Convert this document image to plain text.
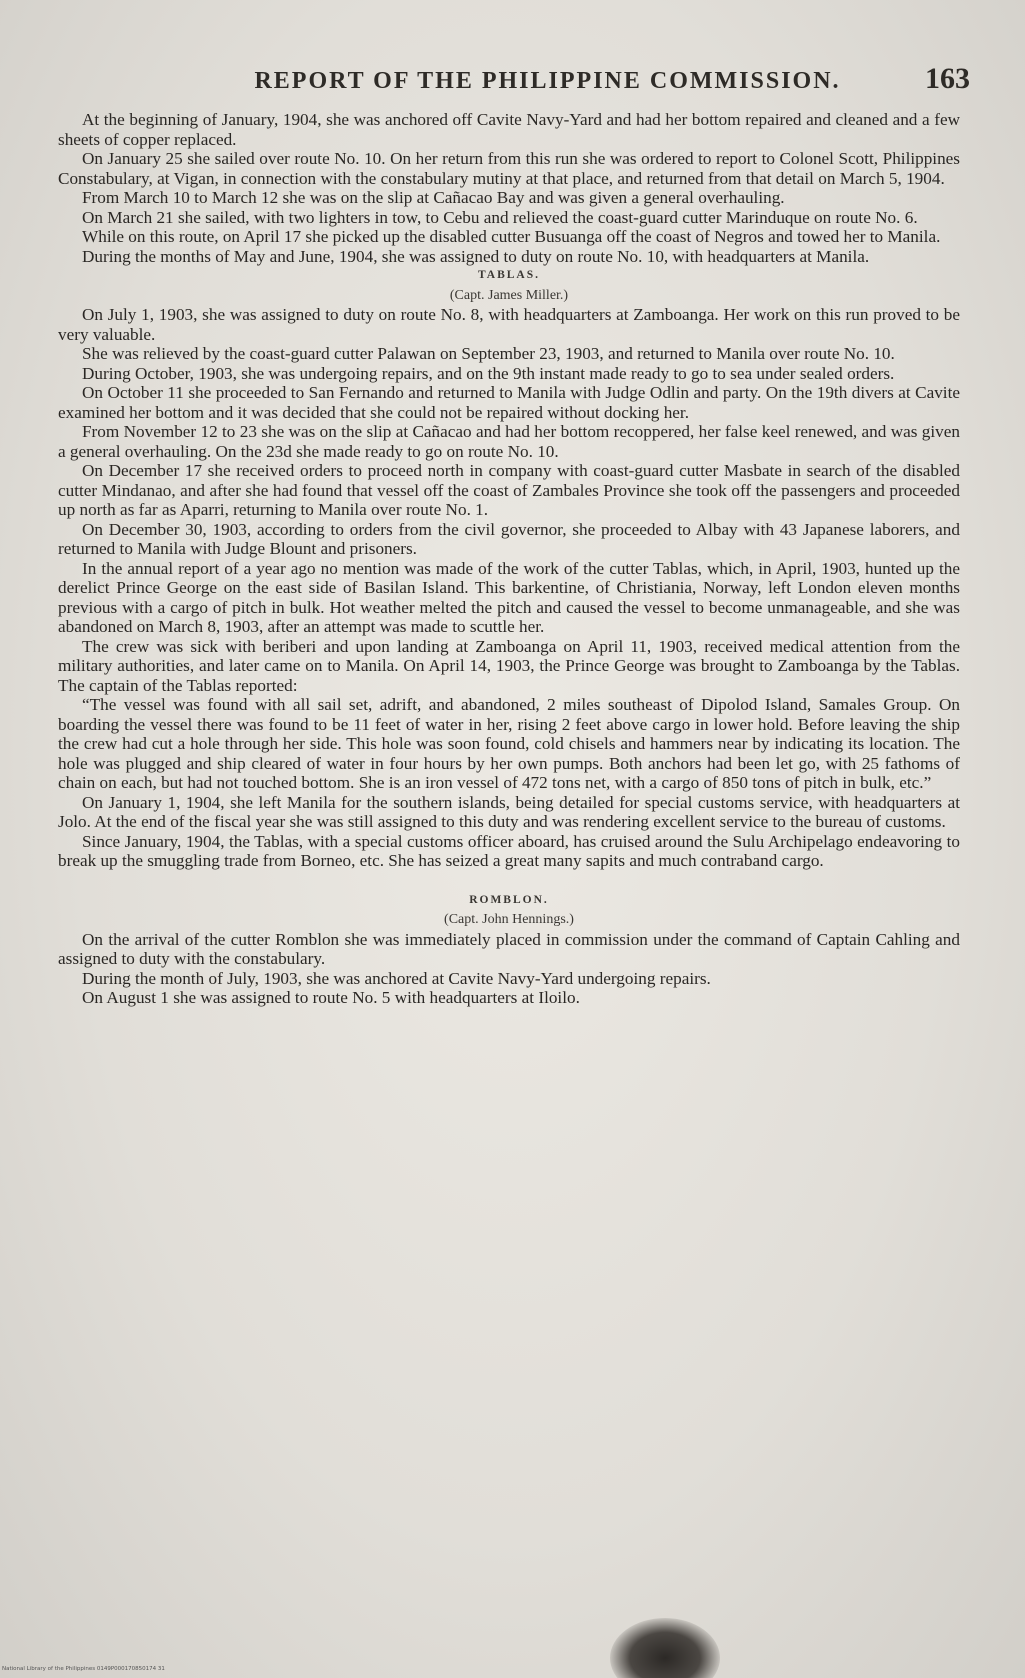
REPORT OF THE PHILIPPINE COMMISSION.	163

At the beginning of January, 1904, she was anchored off Cavite Navy-Yard and had her bottom repaired and cleaned and a few sheets of copper replaced.

On January 25 she sailed over route No. 10. On her return from this run she was ordered to report to Colonel Scott, Philippines Constabulary, at Vigan, in connection with the constabulary mutiny at that place, and returned from that detail on March 5, 1904.

From March 10 to March 12 she was on the slip at Cañacao Bay and was given a general overhauling.

On March 21 she sailed, with two lighters in tow, to Cebu and relieved the coast-guard cutter Marinduque on route No. 6.

While on this route, on April 17 she picked up the disabled cutter Busuanga off the coast of Negros and towed her to Manila.

During the months of May and June, 1904, she was assigned to duty on route No. 10, with headquarters at Manila.

TABLAS.

(Capt. James Miller.)

On July 1, 1903, she was assigned to duty on route No. 8, with headquarters at Zamboanga. Her work on this run proved to be very valuable.

She was relieved by the coast-guard cutter Palawan on September 23, 1903, and returned to Manila over route No. 10.

During October, 1903, she was undergoing repairs, and on the 9th instant made ready to go to sea under sealed orders.

On October 11 she proceeded to San Fernando and returned to Manila with Judge Odlin and party. On the 19th divers at Cavite examined her bottom and it was decided that she could not be repaired without docking her.

From November 12 to 23 she was on the slip at Cañacao and had her bottom recoppered, her false keel renewed, and was given a general overhauling. On the 23d she made ready to go on route No. 10.

On December 17 she received orders to proceed north in company with coast-guard cutter Masbate in search of the disabled cutter Mindanao, and after she had found that vessel off the coast of Zambales Province she took off the passengers and proceeded up north as far as Aparri, returning to Manila over route No. 1.

On December 30, 1903, according to orders from the civil governor, she proceeded to Albay with 43 Japanese laborers, and returned to Manila with Judge Blount and prisoners.

In the annual report of a year ago no mention was made of the work of the cutter Tablas, which, in April, 1903, hunted up the derelict Prince George on the east side of Basilan Island. This barkentine, of Christiania, Norway, left London eleven months previous with a cargo of pitch in bulk. Hot weather melted the pitch and caused the vessel to become unmanageable, and she was abandoned on March 8, 1903, after an attempt was made to scuttle her.

The crew was sick with beriberi and upon landing at Zamboanga on April 11, 1903, received medical attention from the military authorities, and later came on to Manila. On April 14, 1903, the Prince George was brought to Zamboanga by the Tablas. The captain of the Tablas reported:

“The vessel was found with all sail set, adrift, and abandoned, 2 miles southeast of Dipolod Island, Samales Group. On boarding the vessel there was found to be 11 feet of water in her, rising 2 feet above cargo in lower hold. Before leaving the ship the crew had cut a hole through her side. This hole was soon found, cold chisels and hammers near by indicating its location. The hole was plugged and ship cleared of water in four hours by her own pumps. Both anchors had been let go, with 25 fathoms of chain on each, but had not touched bottom. She is an iron vessel of 472 tons net, with a cargo of 850 tons of pitch in bulk, etc.”

On January 1, 1904, she left Manila for the southern islands, being detailed for special customs service, with headquarters at Jolo. At the end of the fiscal year she was still assigned to this duty and was rendering excellent service to the bureau of customs.

Since January, 1904, the Tablas, with a special customs officer aboard, has cruised around the Sulu Archipelago endeavoring to break up the smuggling trade from Borneo, etc. She has seized a great many sapits and much contraband cargo.

ROMBLON.

(Capt. John Hennings.)

On the arrival of the cutter Romblon she was immediately placed in commission under the command of Captain Cahling and assigned to duty with the constabulary.

During the month of July, 1903, she was anchored at Cavite Navy-Yard undergoing repairs.

On August 1 she was assigned to route No. 5 with headquarters at Iloilo.

National Library of the Philippines 0149P000170850174 31
